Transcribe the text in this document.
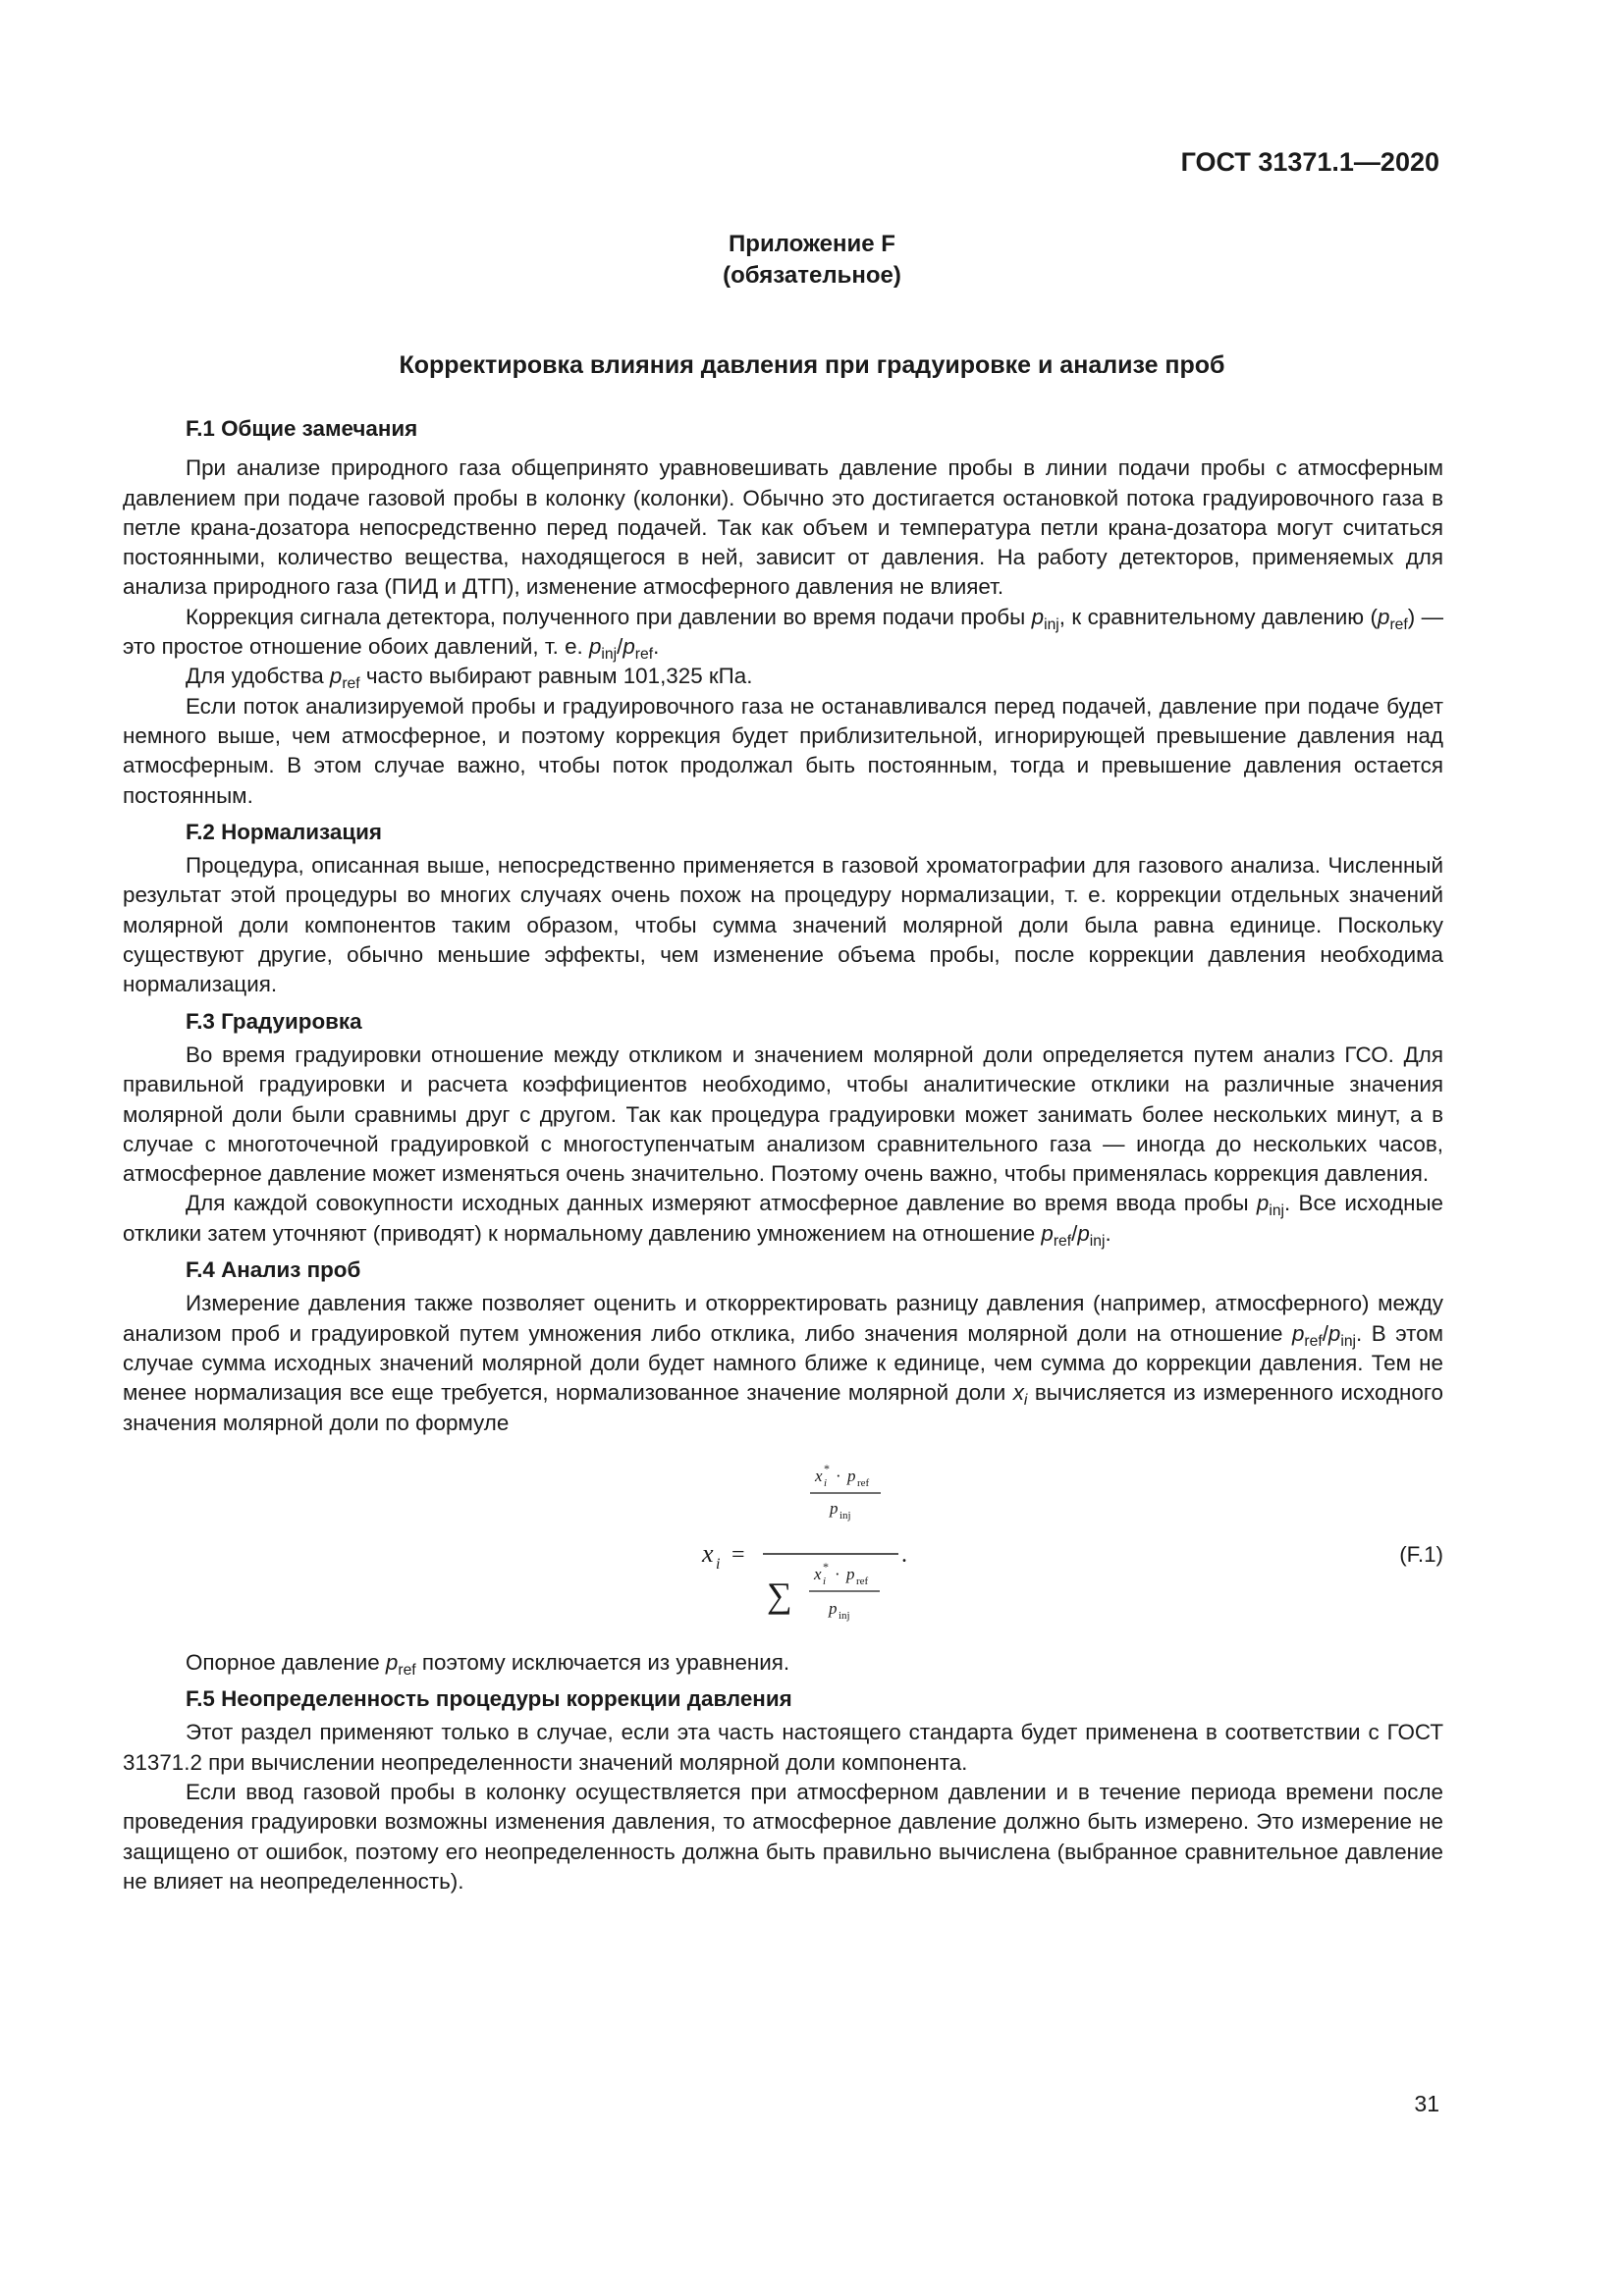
ГОСТ 31371.1—2020
Приложение F
(обязательное)
Корректировка влияния давления при градуировке и анализе проб
F.1 Общие замечания

При анализе природного газа общепринято уравновешивать давление пробы в линии подачи пробы с атмосферным давлением при подаче газовой пробы в колонку (колонки). Обычно это достигается остановкой потока градуировочного газа в петле крана-дозатора непосредственно перед подачей. Так как объем и температура петли крана-дозатора могут считаться постоянными, количество вещества, находящегося в ней, зависит от давления. На работу детекторов, применяемых для анализа природного газа (ПИД и ДТП), изменение атмосферного давления не влияет.

Коррекция сигнала детектора, полученного при давлении во время подачи пробы $p_{inj}$, к сравнительному давлению $(p_{ref})$ — это простое отношение обоих давлений, т. е. $p_{inj}/p_{ref}$.

Для удобства $p_{ref}$ часто выбирают равным 101,325 кПа.

Если поток анализируемой пробы и градуировочного газа не останавливался перед подачей, давление при подаче будет немного выше, чем атмосферное, и поэтому коррекция будет приблизительной, игнорирующей превышение давления над атмосферным. В этом случае важно, чтобы поток продолжал быть постоянным, тогда и превышение давления остается постоянным.

F.2 Нормализация

Процедура, описанная выше, непосредственно применяется в газовой хроматографии для газового анализа. Численный результат этой процедуры во многих случаях очень похож на процедуру нормализации, т. е. коррекции отдельных значений молярной доли компонентов таким образом, чтобы сумма значений молярной доли была равна единице. Поскольку существуют другие, обычно меньшие эффекты, чем изменение объема пробы, после коррекции давления необходима нормализация.

F.3 Градуировка

Во время градуировки отношение между откликом и значением молярной доли определяется путем анализ ГСО. Для правильной градуировки и расчета коэффициентов необходимо, чтобы аналитические отклики на различные значения молярной доли были сравнимы друг с другом. Так как процедура градуировки может занимать более нескольких минут, а в случае с многоточечной градуировкой с многоступенчатым анализом сравнительного газа — иногда до нескольких часов, атмосферное давление может изменяться очень значительно. Поэтому очень важно, чтобы применялась коррекция давления.

Для каждой совокупности исходных данных измеряют атмосферное давление во время ввода пробы $p_{inj}$. Все исходные отклики затем уточняют (приводят) к нормальному давлению умножением на отношение $p_{ref}/p_{inj}$.

F.4 Анализ проб

Измерение давления также позволяет оценить и откорректировать разницу давления (например, атмосферного) между анализом проб и градуировкой путем умножения либо отклика, либо значения молярной доли на отношение $p_{ref}/p_{inj}$. В этом случае сумма исходных значений молярной доли будет намного ближе к единице, чем сумма до коррекции давления. Тем не менее нормализация все еще требуется, нормализованное значение молярной доли $x_i$ вычисляется из измеренного исходного значения молярной доли по формуле

x i =
x i
* · p ref
p inj
∑
x i
* · p ref
p inj
.	(F.1)

Опорное давление $p_{ref}$ поэтому исключается из уравнения.

F.5 Неопределенность процедуры коррекции давления

Этот раздел применяют только в случае, если эта часть настоящего стандарта будет применена в соответствии с ГОСТ 31371.2 при вычислении неопределенности значений молярной доли компонента.

Если ввод газовой пробы в колонку осуществляется при атмосферном давлении и в течение периода времени после проведения градуировки возможны изменения давления, то атмосферное давление должно быть измерено. Это измерение не защищено от ошибок, поэтому его неопределенность должна быть правильно вычислена (выбранное сравнительное давление не влияет на неопределенность).

31
